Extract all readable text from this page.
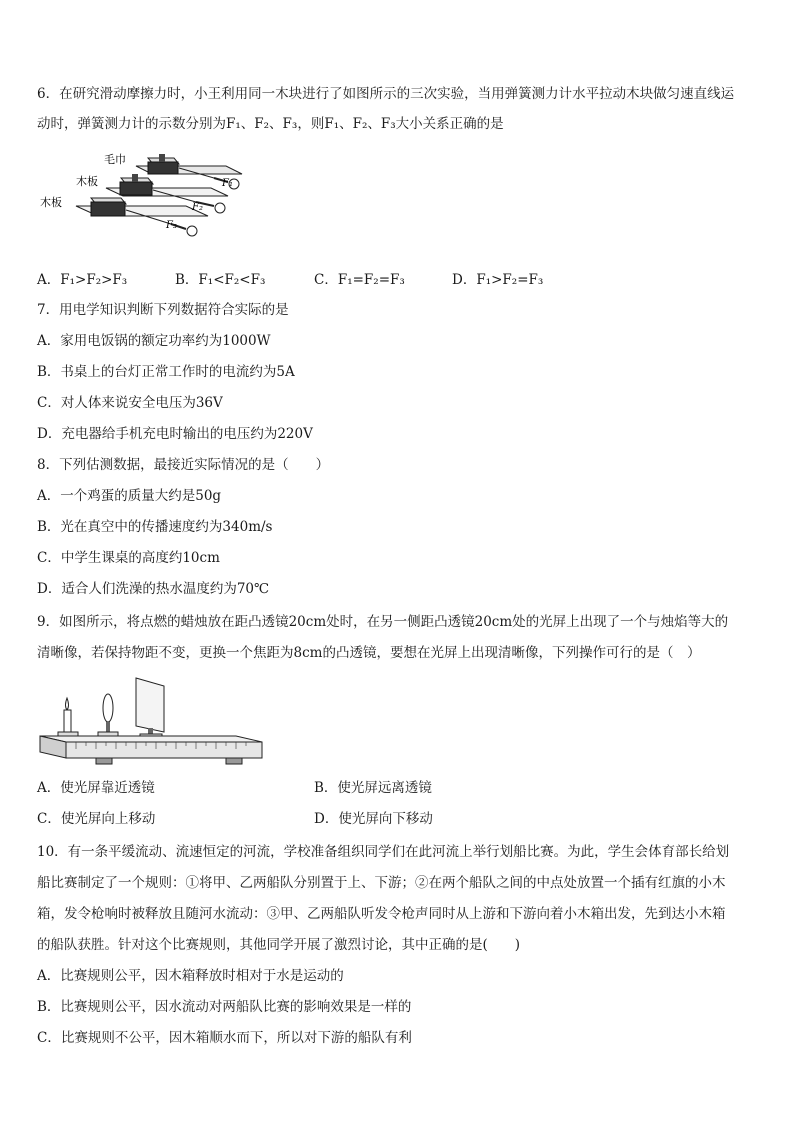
6．在研究滑动摩擦力时，小王利用同一木块进行了如图所示的三次实验，当用弹簧测力计水平拉动木块做匀速直线运
动时，弹簧测力计的示数分别为F₁、F₂、F₃，则F₁、F₂、F₃大小关系正确的是
毛巾
木板
木板
F₁
F₂
F₃
A．F₁>F₂>F₃	B．F₁<F₂<F₃	C．F₁=F₂=F₃	D．F₁>F₂=F₃
7．用电学知识判断下列数据符合实际的是
A．家用电饭锅的额定功率约为1000W
B．书桌上的台灯正常工作时的电流约为5A
C．对人体来说安全电压为36V
D．充电器给手机充电时输出的电压约为220V
8．下列估测数据，最接近实际情况的是（　　）
A．一个鸡蛋的质量大约是50g
B．光在真空中的传播速度约为340m/s
C．中学生课桌的高度约10cm
D．适合人们洗澡的热水温度约为70℃
9．如图所示，将点燃的蜡烛放在距凸透镜20cm处时，在另一侧距凸透镜20cm处的光屏上出现了一个与烛焰等大的
清晰像，若保持物距不变，更换一个焦距为8cm的凸透镜，要想在光屏上出现清晰像，下列操作可行的是（　）
A．使光屏靠近透镜	B．使光屏远离透镜
C．使光屏向上移动	D．使光屏向下移动
10．有一条平缓流动、流速恒定的河流，学校准备组织同学们在此河流上举行划船比赛。为此，学生会体育部长给划
船比赛制定了一个规则：①将甲、乙两船队分别置于上、下游；②在两个船队之间的中点处放置一个插有红旗的小木
箱，发令枪响时被释放且随河水流动：③甲、乙两船队听发令枪声同时从上游和下游向着小木箱出发，先到达小木箱
的船队获胜。针对这个比赛规则，其他同学开展了激烈讨论，其中正确的是(　　)
A．比赛规则公平，因木箱释放时相对于水是运动的
B．比赛规则公平，因水流动对两船队比赛的影响效果是一样的
C．比赛规则不公平，因木箱顺水而下，所以对下游的船队有利
